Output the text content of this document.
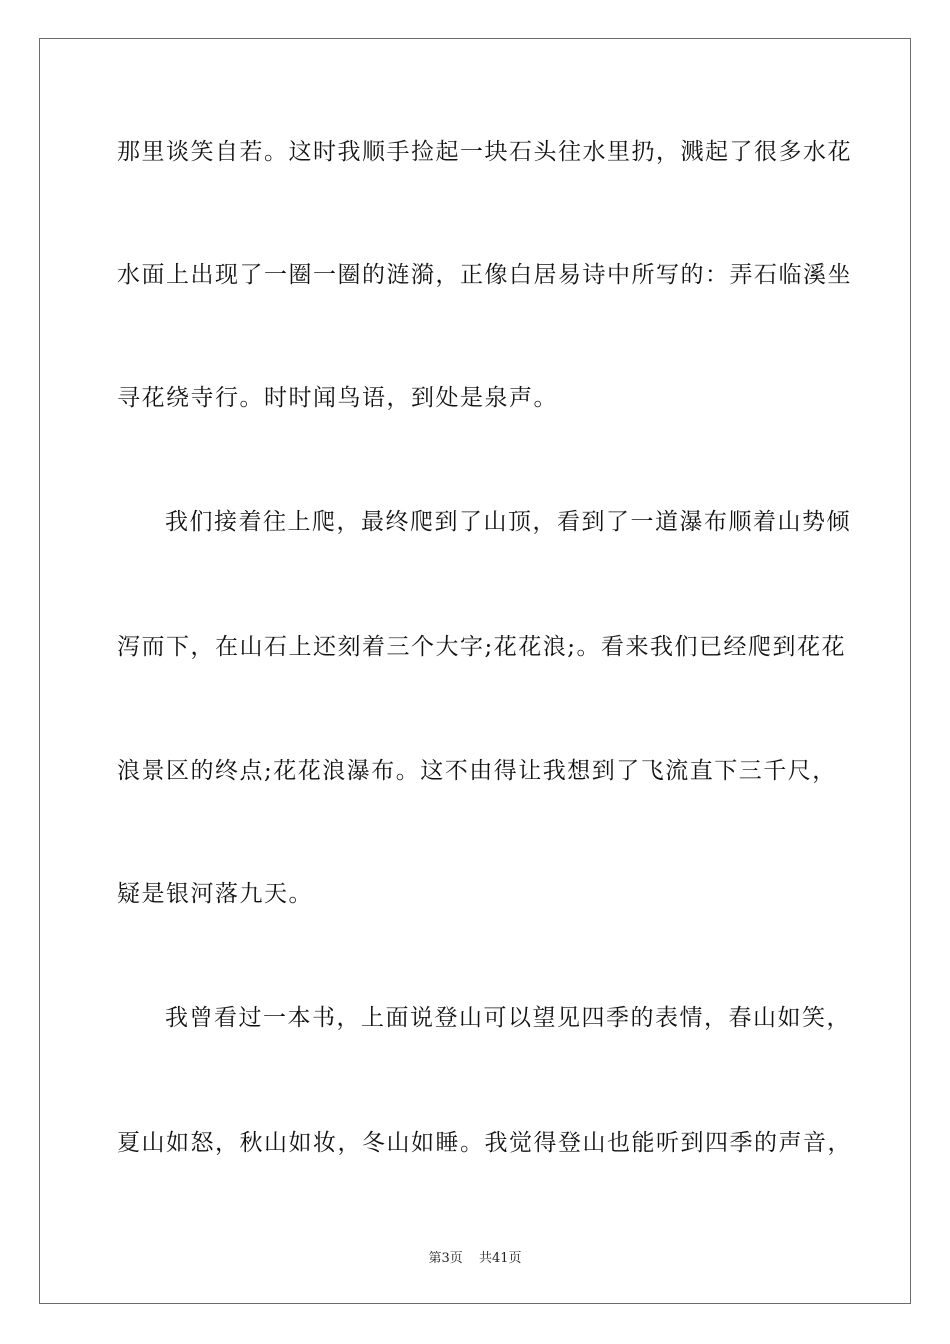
那里谈笑自若。这时我顺手捡起一块石头往水里扔，溅起了很多水花
水面上出现了一圈一圈的涟漪，正像白居易诗中所写的：弄石临溪坐
寻花绕寺行。时时闻鸟语，到处是泉声。
我们接着往上爬，最终爬到了山顶，看到了一道瀑布顺着山势倾
泻而下，在山石上还刻着三个大字;花花浪;。看来我们已经爬到花花
浪景区的终点;花花浪瀑布。这不由得让我想到了飞流直下三千尺，
疑是银河落九天。
我曾看过一本书，上面说登山可以望见四季的表情，春山如笑，
夏山如怒，秋山如妆，冬山如睡。我觉得登山也能听到四季的声音，
第3页 共41页
